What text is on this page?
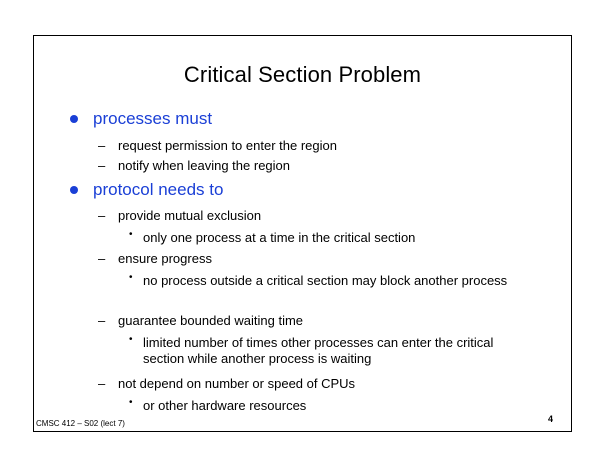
Critical Section Problem
processes must
– request permission to enter the region
– notify when leaving the region
protocol needs to
– provide mutual exclusion
• only one process at a time in the critical section
– ensure progress
• no process outside a critical section may block another process
– guarantee bounded waiting time
• limited number of times other processes can enter the critical section while another process is waiting
– not depend on number or speed of CPUs
• or other hardware resources
CMSC 412 – S02 (lect 7)	4
